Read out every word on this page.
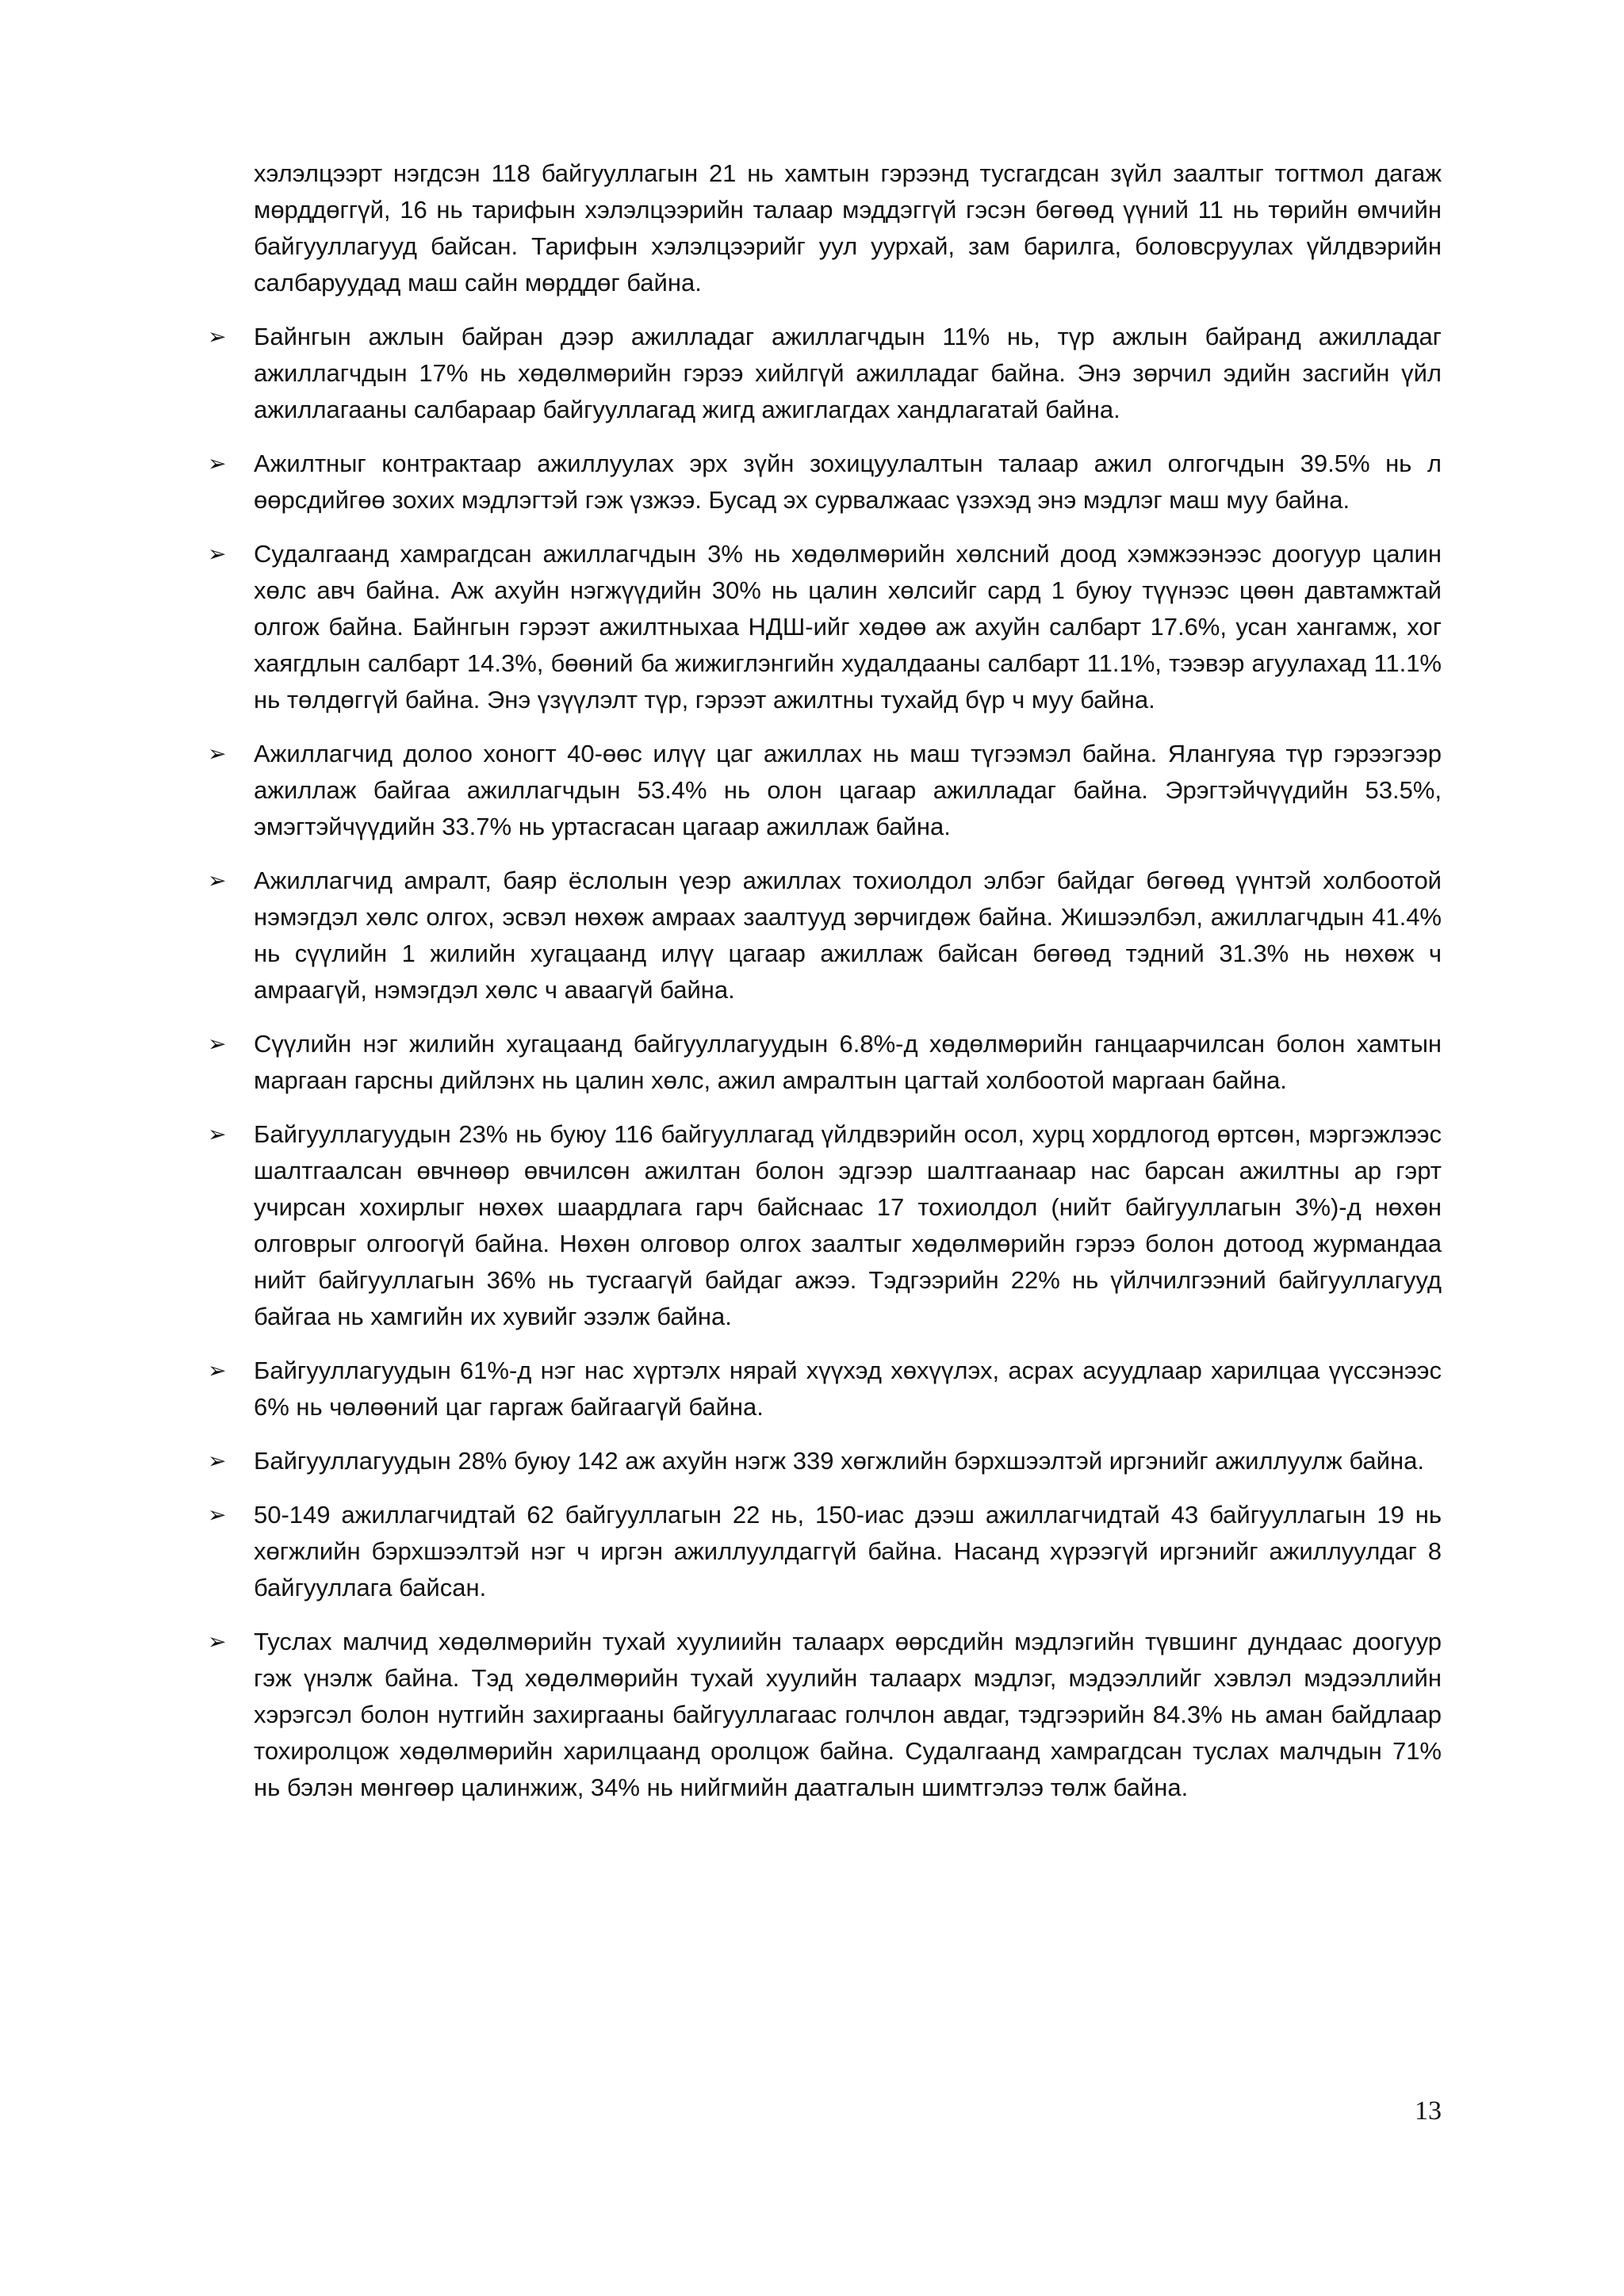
хэлэлцээрт нэгдсэн 118 байгууллагын 21 нь хамтын гэрээнд тусгагдсан зүйл заалтыг тогтмол дагаж мөрддөггүй, 16 нь тарифын хэлэлцээрийн талаар мэддэггүй гэсэн бөгөөд үүний 11 нь төрийн өмчийн байгууллагууд байсан. Тарифын хэлэлцээрийг уул уурхай, зам барилга, боловсруулах үйлдвэрийн салбаруудад маш сайн мөрддөг байна.

➢	Байнгын ажлын байран дээр ажилладаг ажиллагчдын 11% нь, түр ажлын байранд ажилладаг ажиллагчдын 17% нь хөдөлмөрийн гэрээ хийлгүй ажилладаг байна. Энэ зөрчил эдийн засгийн үйл ажиллагааны салбараар байгууллагад жигд ажиглагдах хандлагатай байна.
➢	Ажилтныг контрактаар ажиллуулах эрх зүйн зохицуулалтын талаар ажил олгогчдын 39.5% нь л өөрсдийгөө зохих мэдлэгтэй гэж үзжээ. Бусад эх сурвалжаас үзэхэд энэ мэдлэг маш муу байна.
➢	Судалгаанд хамрагдсан ажиллагчдын 3% нь хөдөлмөрийн хөлсний доод хэмжээнээс доогуур цалин хөлс авч байна. Аж ахуйн нэгжүүдийн 30% нь цалин хөлсийг сард 1 буюу түүнээс цөөн давтамжтай олгож байна. Байнгын гэрээт ажилтныхаа НДШ-ийг хөдөө аж ахуйн салбарт 17.6%, усан хангамж, хог хаягдлын салбарт 14.3%, бөөний ба жижиглэнгийн худалдааны салбарт 11.1%, тээвэр агуулахад 11.1% нь төлдөггүй байна. Энэ үзүүлэлт түр, гэрээт ажилтны тухайд бүр ч муу байна.
➢	Ажиллагчид долоо хоногт 40-өөс илүү цаг ажиллах нь маш түгээмэл байна. Ялангуяа түр гэрээгээр ажиллаж байгаа ажиллагчдын 53.4% нь олон цагаар ажилладаг байна. Эрэгтэйчүүдийн 53.5%, эмэгтэйчүүдийн 33.7% нь уртасгасан цагаар ажиллаж байна.
➢	Ажиллагчид амралт, баяр ёслолын үеэр ажиллах тохиолдол элбэг байдаг бөгөөд үүнтэй холбоотой нэмэгдэл хөлс олгох, эсвэл нөхөж амраах заалтууд зөрчигдөж байна. Жишээлбэл, ажиллагчдын 41.4% нь сүүлийн 1 жилийн хугацаанд илүү цагаар ажиллаж байсан бөгөөд тэдний 31.3% нь нөхөж ч амраагүй, нэмэгдэл хөлс ч аваагүй байна.
➢	Сүүлийн нэг жилийн хугацаанд байгууллагуудын 6.8%-д хөдөлмөрийн ганцаарчилсан болон хамтын маргаан гарсны дийлэнх нь цалин хөлс, ажил амралтын цагтай холбоотой маргаан байна.
➢	Байгууллагуудын 23% нь буюу 116 байгууллагад үйлдвэрийн осол, хурц хордлогод өртсөн, мэргэжлээс шалтгаалсан өвчнөөр өвчилсөн ажилтан болон эдгээр шалтгаанаар нас барсан ажилтны ар гэрт учирсан хохирлыг нөхөх шаардлага гарч байснаас 17 тохиолдол (нийт байгууллагын 3%)-д нөхөн олговрыг олгоогүй байна. Нөхөн олговор олгох заалтыг хөдөлмөрийн гэрээ болон дотоод журмандаа нийт байгууллагын 36% нь тусгаагүй байдаг ажээ. Тэдгээрийн 22% нь үйлчилгээний байгууллагууд байгаа нь хамгийн их хувийг эзэлж байна.
➢	Байгууллагуудын 61%-д нэг нас хүртэлх нярай хүүхэд хөхүүлэх, асрах асуудлаар харилцаа үүссэнээс 6% нь чөлөөний цаг гаргаж байгаагүй байна.
➢	Байгууллагуудын 28% буюу 142 аж ахуйн нэгж 339 хөгжлийн бэрхшээлтэй иргэнийг ажиллуулж байна.
➢	50-149 ажиллагчидтай 62 байгууллагын 22 нь, 150-иас дээш ажиллагчидтай 43 байгууллагын 19 нь хөгжлийн бэрхшээлтэй нэг ч иргэн ажиллуулдаггүй байна. Насанд хүрээгүй иргэнийг ажиллуулдаг 8 байгууллага байсан.
➢	Туслах малчид хөдөлмөрийн тухай хуулиийн талаарх өөрсдийн мэдлэгийн түвшинг дундаас доогуур гэж үнэлж байна. Тэд хөдөлмөрийн тухай хуулийн талаарх мэдлэг, мэдээллийг хэвлэл мэдээллийн хэрэгсэл болон нутгийн захиргааны байгууллагаас голчлон авдаг, тэдгээрийн 84.3% нь аман байдлаар тохиролцож хөдөлмөрийн харилцаанд оролцож байна. Судалгаанд хамрагдсан туслах малчдын 71% нь бэлэн мөнгөөр цалинжиж, 34% нь нийгмийн даатгалын шимтгэлээ төлж байна.
13
